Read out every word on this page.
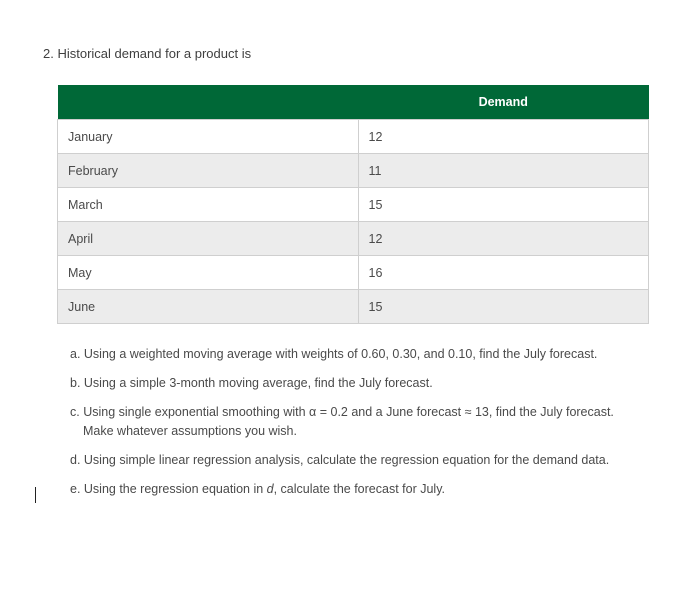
2. Historical demand for a product is
	Demand
January	12
February	11
March	15
April	12
May	16
June	15
a. Using a weighted moving average with weights of 0.60, 0.30, and 0.10, find the July forecast.
b. Using a simple 3-month moving average, find the July forecast.
c. Using single exponential smoothing with α = 0.2 and a June forecast ≈ 13, find the July forecast.
Make whatever assumptions you wish.
d. Using simple linear regression analysis, calculate the regression equation for the demand data.
e. Using the regression equation in d, calculate the forecast for July.
